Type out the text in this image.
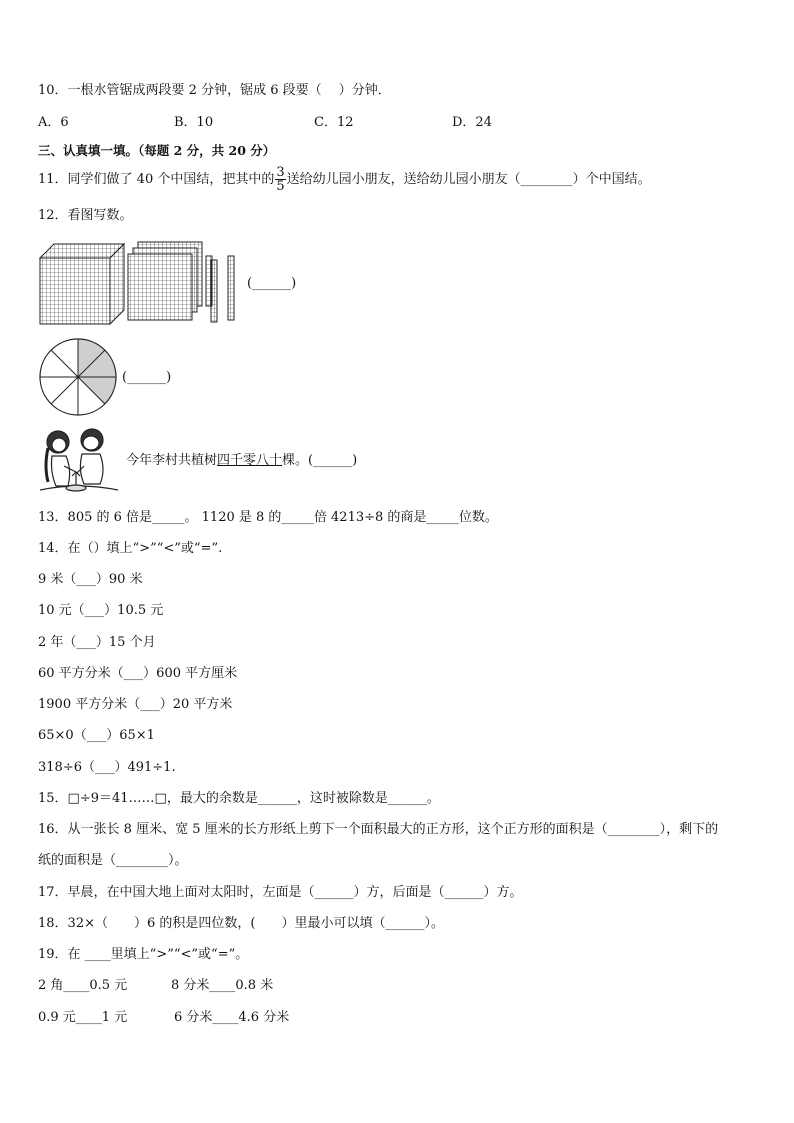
10．一根水管锯成两段要 2 分钟，锯成 6 段要（　 ）分钟．
A．6	B．10	C．12	D．24
三、认真填一填。（每题 2 分，共 20 分）
11．同学们做了 40 个中国结，把其中的 $\frac{3}{5}$ 送给幼儿园小朋友，送给幼儿园小朋友（________）个中国结。
12．看图写数。
(______)
(______)
今年李村共植树四千零八十棵。(______)
13．805 的 6 倍是_____。 1120 是 8 的_____倍 4213÷8 的商是_____位数。
14．在（）填上“>”“<”或“=”.
9 米（___）90 米
10 元（___）10.5 元
2 年（___）15 个月
60 平方分米（___）600 平方厘米
1900 平方分米（___）20 平方米
65×0（___）65×1
318÷6（___）491÷1.
15．□÷9＝41……□，最大的余数是______，这时被除数是______。
16．从一张长 8 厘米、宽 5 厘米的长方形纸上剪下一个面积最大的正方形，这个正方形的面积是（________），剩下的
纸的面积是（________）。
17．早晨，在中国大地上面对太阳时，左面是（______）方，后面是（______）方。
18．32×（　　）6 的积是四位数，(　　）里最小可以填（______）。
19．在 ____里填上“>”“<”或“=”。
2 角____0.5 元	8 分米____0.8 米
0.9 元____1 元	6 分米____4.6 分米
